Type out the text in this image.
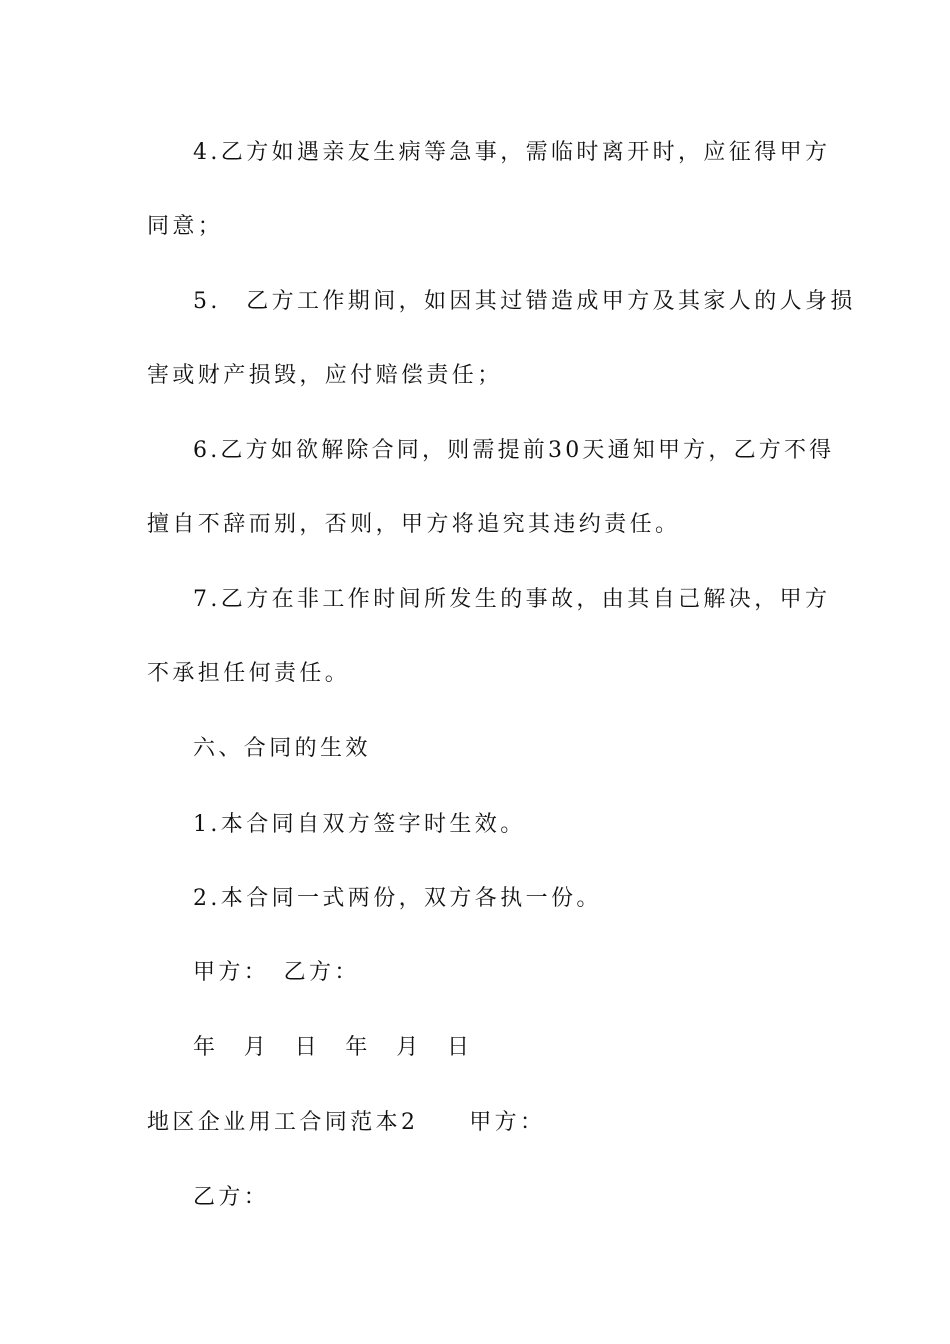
4.乙方如遇亲友生病等急事，需临时离开时，应征得甲方
同意；
5.　乙方工作期间，如因其过错造成甲方及其家人的人身损
害或财产损毁，应付赔偿责任；
6.乙方如欲解除合同，则需提前30天通知甲方，乙方不得
擅自不辞而别，否则，甲方将追究其违约责任。
7.乙方在非工作时间所发生的事故，由其自己解决，甲方
不承担任何责任。
六、合同的生效
1.本合同自双方签字时生效。
2.本合同一式两份，双方各执一份。
甲方：　乙方：
年　月　日　年　月　日
地区企业用工合同范本2　　甲方：
乙方：
